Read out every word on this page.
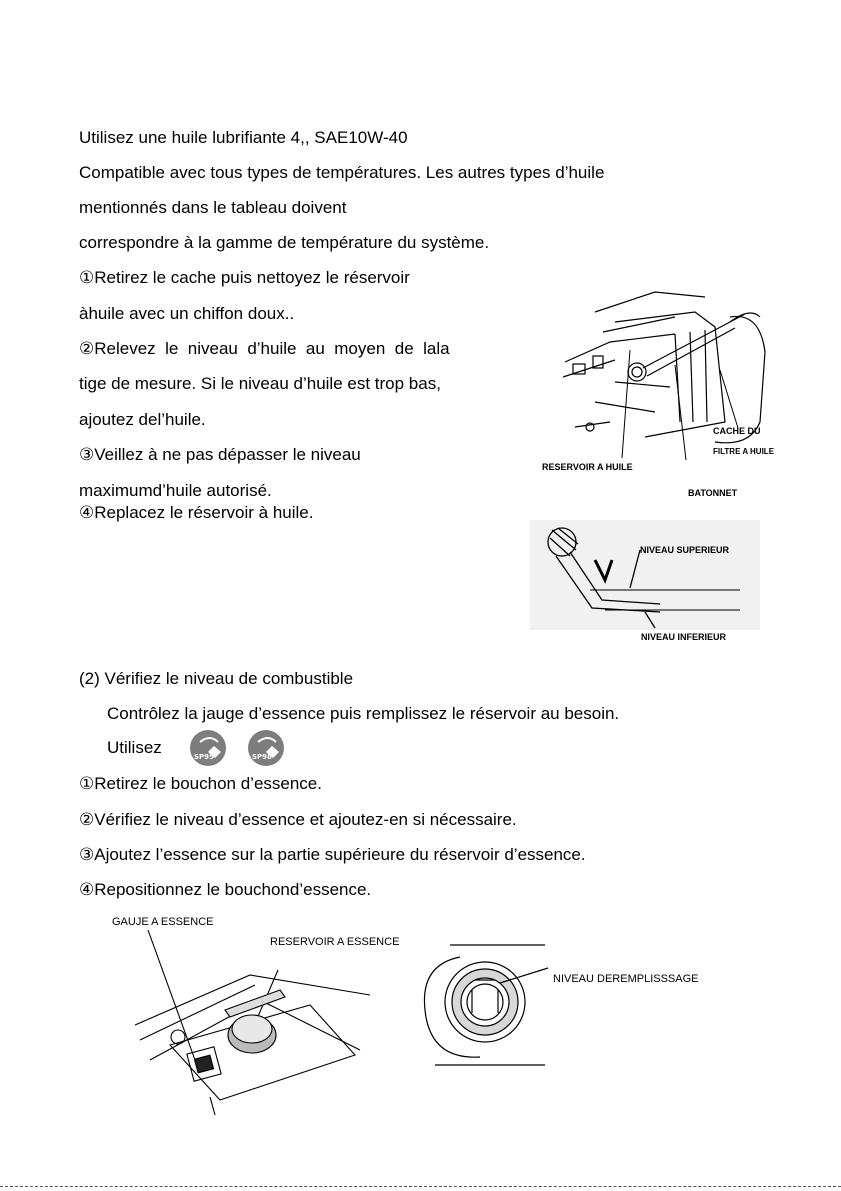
Utilisez une huile lubrifiante 4,, SAE10W-40
Compatible avec tous types de températures. Les autres types d’huile
mentionnés dans le tableau doivent
correspondre à la gamme de température du système.
①Retirez le cache puis nettoyez le réservoir
àhuile avec un chiffon doux..
②Relevez  le  niveau  d’huile  au  moyen  de  lala
tige de mesure. Si le niveau d’huile est trop bas,
ajoutez del’huile.
③Veillez à ne pas dépasser le niveau
maximumd’huile autorisé.
④Replacez le réservoir à huile.
CACHE DU
FILTRE A HUILE
RESERVOIR A HUILE
BATONNET
NIVEAU SUPERIEUR
NIVEAU INFERIEUR
(2) Vérifiez le niveau de combustible
Contrôlez la jauge d’essence puis remplissez le réservoir au besoin.
Utilisez	SP95	SP98
①Retirez le bouchon d’essence.
②Vérifiez le niveau d’essence et ajoutez-en si nécessaire.
③Ajoutez l’essence sur la partie supérieure du réservoir d’essence.
④Repositionnez le bouchond’essence.
GAUJE A ESSENCE
RESERVOIR A ESSENCE
NIVEAU DEREMPLISSSAGE
